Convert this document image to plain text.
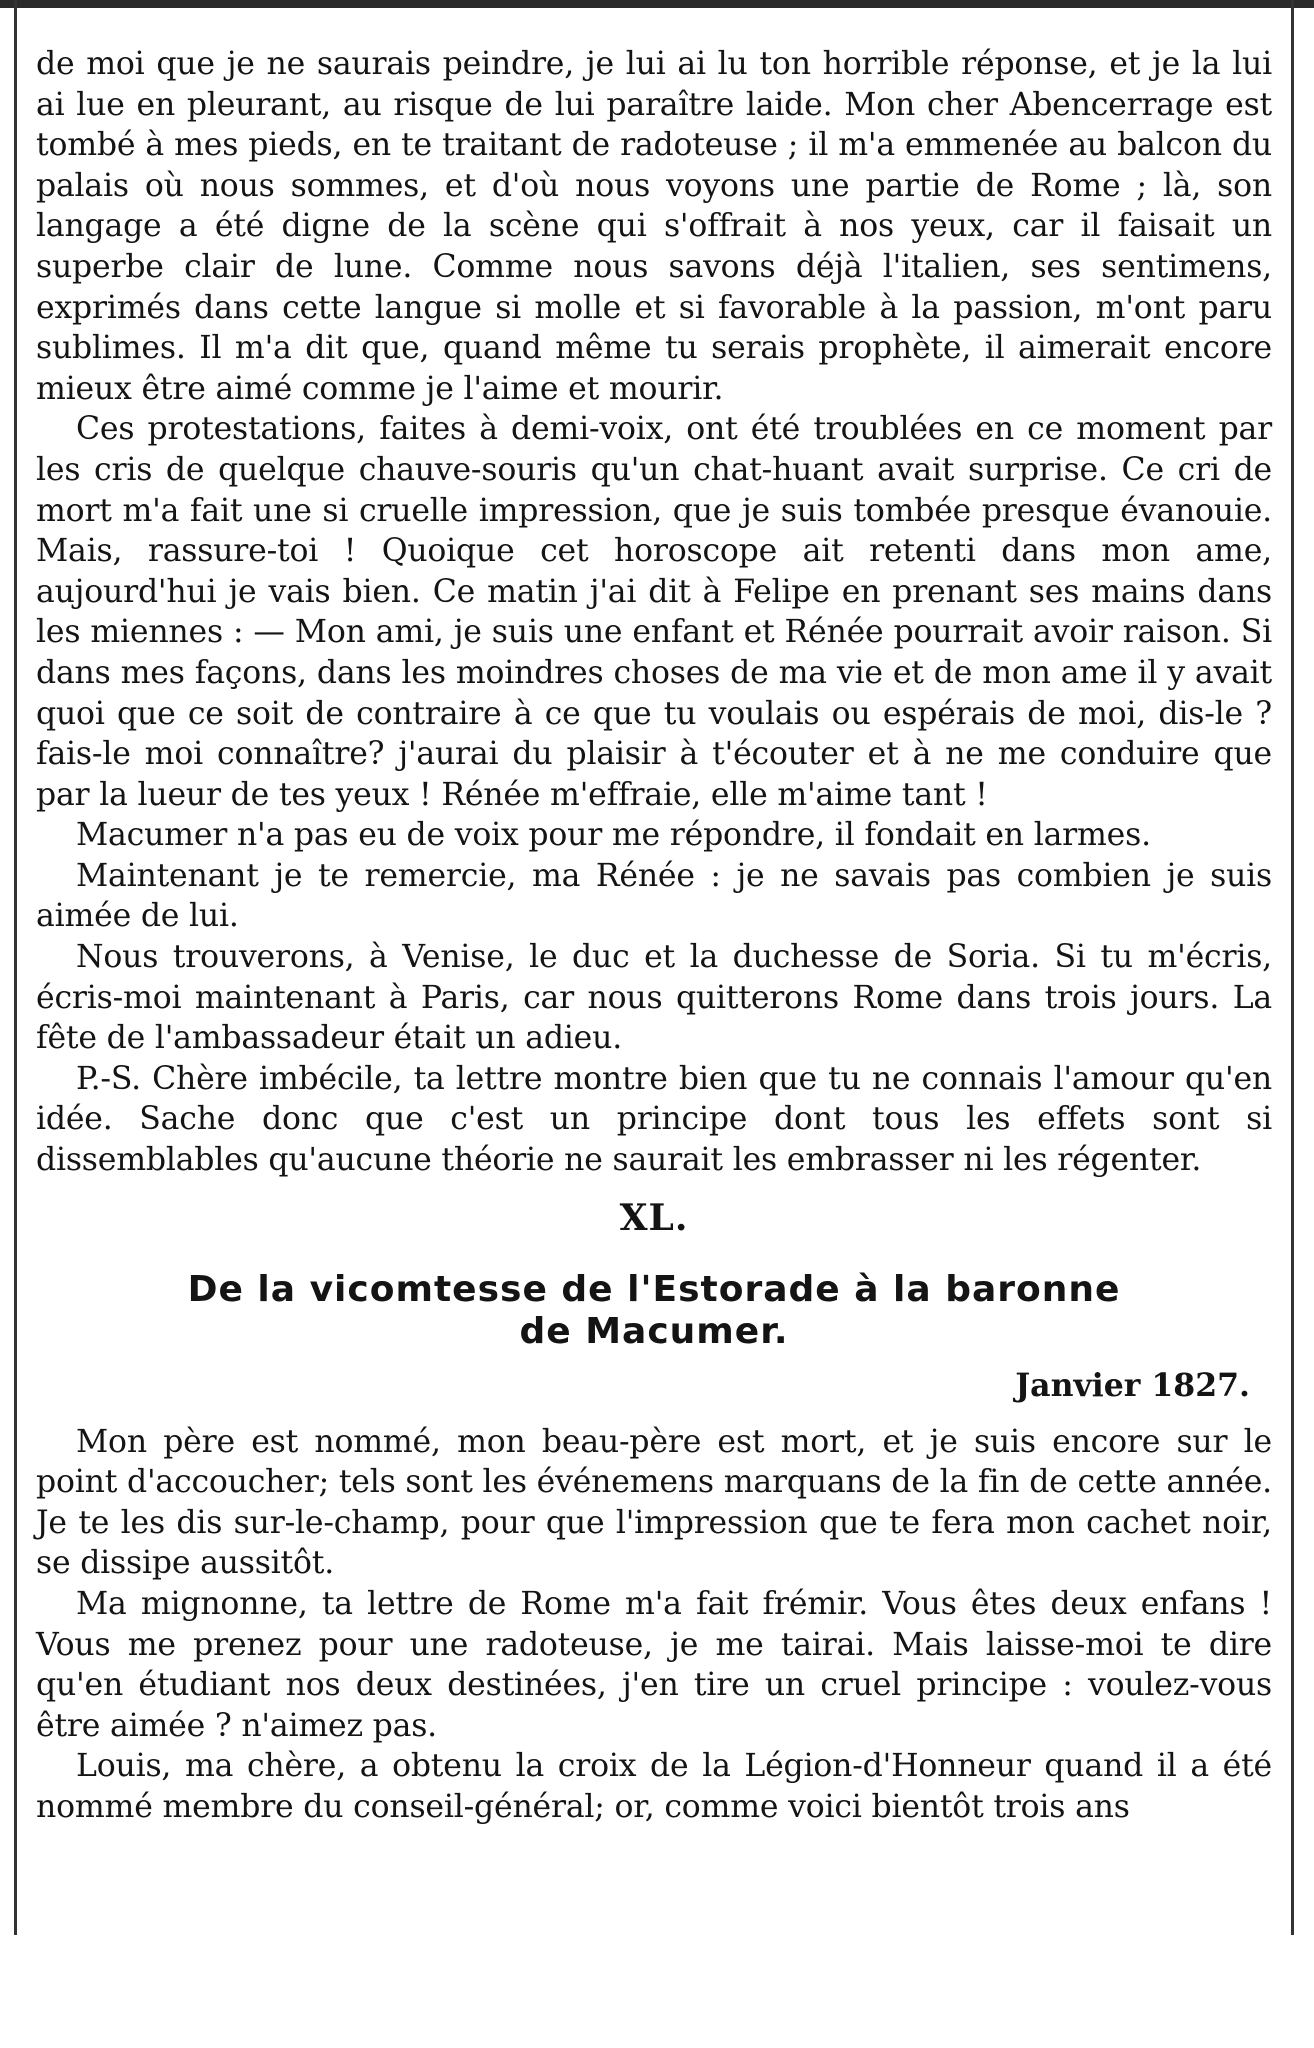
de moi que je ne saurais peindre, je lui ai lu ton horrible réponse, et je la lui ai lue en pleurant, au risque de lui paraître laide. Mon cher Abencerrage est tombé à mes pieds, en te traitant de radoteuse ; il m'a emmenée au balcon du palais où nous sommes, et d'où nous voyons une partie de Rome ; là, son langage a été digne de la scène qui s'offrait à nos yeux, car il faisait un superbe clair de lune. Comme nous savons déjà l'italien, ses sentimens, exprimés dans cette langue si molle et si favorable à la passion, m'ont paru sublimes. Il m'a dit que, quand même tu serais prophète, il aimerait encore mieux être aimé comme je l'aime et mourir.

Ces protestations, faites à demi-voix, ont été troublées en ce moment par les cris de quelque chauve-souris qu'un chat-huant avait surprise. Ce cri de mort m'a fait une si cruelle impression, que je suis tombée presque évanouie. Mais, rassure-toi ! Quoique cet horoscope ait retenti dans mon ame, aujourd'hui je vais bien. Ce matin j'ai dit à Felipe en prenant ses mains dans les miennes : — Mon ami, je suis une enfant et Rénée pourrait avoir raison. Si dans mes façons, dans les moindres choses de ma vie et de mon ame il y avait quoi que ce soit de contraire à ce que tu voulais ou espérais de moi, dis-le ? fais-le moi connaître? j'aurai du plaisir à t'écouter et à ne me conduire que par la lueur de tes yeux ! Rénée m'effraie, elle m'aime tant !

Macumer n'a pas eu de voix pour me répondre, il fondait en larmes.

Maintenant je te remercie, ma Rénée : je ne savais pas combien je suis aimée de lui.

Nous trouverons, à Venise, le duc et la duchesse de Soria. Si tu m'écris, écris-moi maintenant à Paris, car nous quitterons Rome dans trois jours. La fête de l'ambassadeur était un adieu.

P.-S. Chère imbécile, ta lettre montre bien que tu ne connais l'amour qu'en idée. Sache donc que c'est un principe dont tous les effets sont si dissemblables qu'aucune théorie ne saurait les embrasser ni les régenter.

XL.
De la vicomtesse de l'Estorade à la baronne
de Macumer.
Janvier 1827.

Mon père est nommé, mon beau-père est mort, et je suis encore sur le point d'accoucher; tels sont les événemens marquans de la fin de cette année. Je te les dis sur-le-champ, pour que l'impression que te fera mon cachet noir, se dissipe aussitôt.

Ma mignonne, ta lettre de Rome m'a fait frémir. Vous êtes deux enfans ! Vous me prenez pour une radoteuse, je me tairai. Mais laisse-moi te dire qu'en étudiant nos deux destinées, j'en tire un cruel principe : voulez-vous être aimée ? n'aimez pas.

Louis, ma chère, a obtenu la croix de la Légion-d'Honneur quand il a été nommé membre du conseil-général; or, comme voici bientôt trois ans
